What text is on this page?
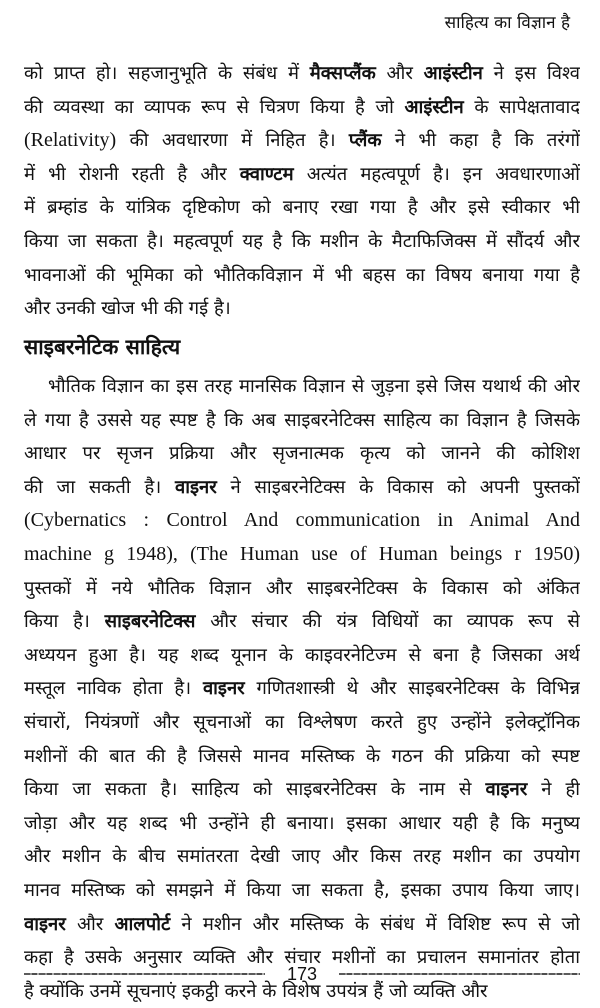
साहित्य का विज्ञान है
को प्राप्त हो। सहजानुभूति के संबंध में मैक्सप्लैंक और आइंस्टीन ने इस विश्व
की व्यवस्था का व्यापक रूप से चित्रण किया है जो आइंस्टीन के सापेक्षतावाद
(Relativity) की अवधारणा में निहित है। प्लैंक ने भी कहा है कि तरंगों
में भी रोशनी रहती है और क्वाण्टम अत्यंत महत्वपूर्ण है। इन अवधारणाओं
में ब्रम्हांड के यांत्रिक दृष्टिकोण को बनाए रखा गया है और इसे स्वीकार भी
किया जा सकता है। महत्वपूर्ण यह है कि मशीन के मैटाफिजिक्स में सौंदर्य और
भावनाओं की भूमिका को भौतिकविज्ञान में भी बहस का विषय बनाया गया है
और उनकी खोज भी की गई है।
साइबरनेटिक साहित्य
भौतिक विज्ञान का इस तरह मानसिक विज्ञान से जुड़ना इसे जिस यथार्थ की ओर
ले गया है उससे यह स्पष्ट है कि अब साइबरनेटिक्स साहित्य का विज्ञान है जिसके
आधार पर सृजन प्रक्रिया और सृजनात्मक कृत्य को जानने की कोशिश
की जा सकती है। वाइनर ने साइबरनेटिक्स के विकास को अपनी पुस्तकों
(Cybernatics : Control And communication in Animal And
machine g 1948), (The Human use of Human beings r 1950)
पुस्तकों में नये भौतिक विज्ञान और साइबरनेटिक्स के विकास को अंकित
किया है। साइबरनेटिक्स और संचार की यंत्र विधियों का व्यापक रूप से
अध्ययन हुआ है। यह शब्द यूनान के काइवरनेटिज्म से बना है जिसका अर्थ
मस्तूल नाविक होता है। वाइनर गणितशास्त्री थे और साइबरनेटिक्स के विभिन्न
संचारों, नियंत्रणों और सूचनाओं का विश्लेषण करते हुए उन्होंने इलेक्ट्रॉनिक
मशीनों की बात की है जिससे मानव मस्तिष्क के गठन की प्रक्रिया को स्पष्ट
किया जा सकता है। साहित्य को साइबरनेटिक्स के नाम से वाइनर ने ही
जोड़ा और यह शब्द भी उन्होंने ही बनाया। इसका आधार यही है कि मनुष्य
और मशीन के बीच समांतरता देखी जाए और किस तरह मशीन का उपयोग
मानव मस्तिष्क को समझने में किया जा सकता है, इसका उपाय किया जाए।
वाइनर और आलपोर्ट ने मशीन और मस्तिष्क के संबंध में विशिष्ट रूप से जो
कहा है उसके अनुसार व्यक्ति और संचार मशीनों का प्रचालन समानांतर होता
है क्योंकि उनमें सूचनाएं इकट्ठी करने के विशेष उपयंत्र हैं जो व्यक्ति और
173
